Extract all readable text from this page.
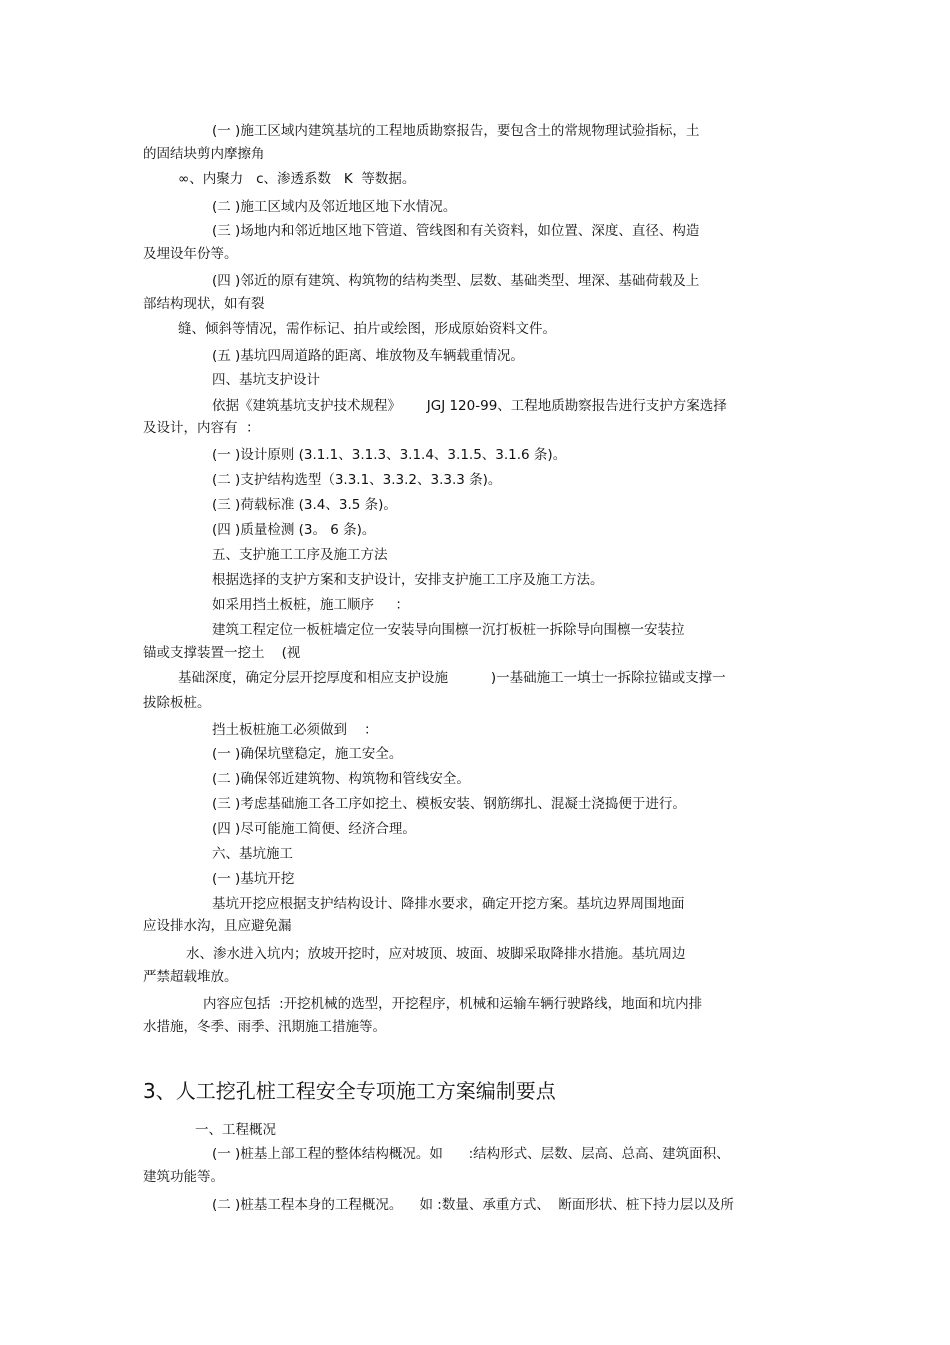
(一 )施工区域内建筑基坑的工程地质勘察报告，要包含土的常规物理试验指标，土
的固结块剪内摩擦角
∞、内聚力   c、渗透系数   K  等数据。
(二 )施工区域内及邻近地区地下水情况。
(三 )场地内和邻近地区地下管道、管线图和有关资料，如位置、深度、直径、构造
及埋设年份等。
(四 )邻近的原有建筑、构筑物的结构类型、层数、基础类型、埋深、基础荷载及上
部结构现状，如有裂
缝、倾斜等情况，需作标记、拍片或绘图，形成原始资料文件。
(五 )基坑四周道路的距离、堆放物及车辆载重情况。
四、基坑支护设计
依据《建筑基坑支护技术规程》      JGJ 120-99、工程地质勘察报告进行支护方案选择
及设计，内容有  ：
(一 )设计原则 (3.1.1、3.1.3、3.1.4、3.1.5、3.1.6 条)。
(二 )支护结构选型（3.3.1、3.3.2、3.3.3 条)。
(三 )荷载标准 (3.4、3.5 条)。
(四 )质量检测 (3。 6 条)。
五、支护施工工序及施工方法
根据选择的支护方案和支护设计，安排支护施工工序及施工方法。
如采用挡土板桩，施工顺序     ：
建筑工程定位一板桩墙定位一安装导向围檩一沉打板桩一拆除导向围檩一安装拉
锚或支撑装置一挖土    (视
基础深度，确定分层开挖厚度和相应支护设施          )一基础施工一填士一拆除拉锚或支撑一
拔除板桩。
挡土板桩施工必须做到    ：
(一 )确保坑壁稳定，施工安全。
(二 )确保邻近建筑物、构筑物和管线安全。
(三 )考虑基础施工各工序如挖土、模板安装、钢筋绑扎、混凝士浇捣便于进行。
(四 )尽可能施工简便、经济合理。
六、基坑施工
(一 )基坑开挖
基坑开挖应根据支护结构设计、降排水要求，确定开挖方案。基坑边界周围地面
应设排水沟，且应避免漏
水、渗水进入坑内；放坡开挖时，应对坡顶、坡面、坡脚采取降排水措施。基坑周边
严禁超载堆放。
内容应包括  :开挖机械的选型，开挖程序，机械和运输车辆行驶路线，地面和坑内排
水措施，冬季、雨季、汛期施工措施等。
3、人工挖孔桩工程安全专项施工方案编制要点
一、工程概况
(一 )桩基上部工程的整体结构概况。如      :结构形式、层数、层高、总高、建筑面积、
建筑功能等。
(二 )桩基工程本身的工程概况。    如 :数量、承重方式、  断面形状、桩下持力层以及所
